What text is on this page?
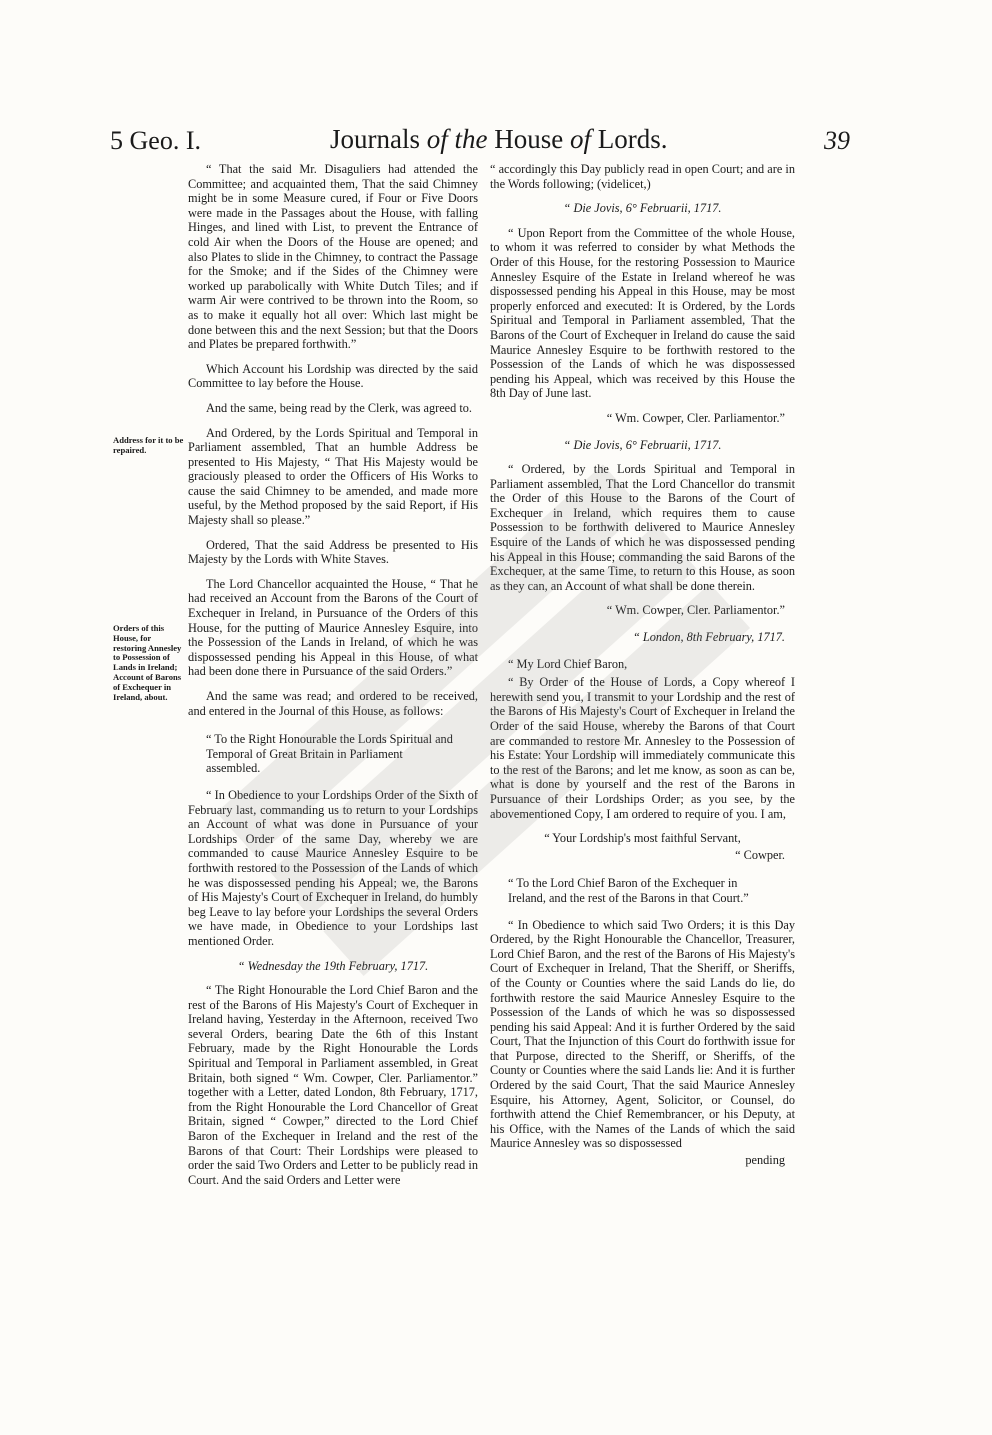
5 Geo. I.	Journals of the House of Lords.	39
Address for it to be repaired.
Orders of this House, for restoring Annesley to Possession of Lands in Ireland; Account of Barons of Exchequer in Ireland, about.

“ That the said Mr. Disaguliers had attended the Committee; and acquainted them, That the said Chimney might be in some Measure cured, if Four or Five Doors were made in the Passages about the House, with falling Hinges, and lined with List, to prevent the Entrance of cold Air when the Doors of the House are opened; and also Plates to slide in the Chimney, to contract the Passage for the Smoke; and if the Sides of the Chimney were worked up parabolically with White Dutch Tiles; and if warm Air were contrived to be thrown into the Room, so as to make it equally hot all over: Which last might be done between this and the next Session; but that the Doors and Plates be prepared forthwith.”

Which Account his Lordship was directed by the said Committee to lay before the House.

And the same, being read by the Clerk, was agreed to.

And Ordered, by the Lords Spiritual and Temporal in Parliament assembled, That an humble Address be presented to His Majesty, “ That His Majesty would be graciously pleased to order the Officers of His Works to cause the said Chimney to be amended, and made more useful, by the Method proposed by the said Report, if His Majesty shall so please.”

Ordered, That the said Address be presented to His Majesty by the Lords with White Staves.

The Lord Chancellor acquainted the House, “ That he had received an Account from the Barons of the Court of Exchequer in Ireland, in Pursuance of the Orders of this House, for the putting of Maurice Annesley Esquire, into the Possession of the Lands in Ireland, of which he was dispossessed pending his Appeal in this House, of what had been done there in Pursuance of the said Orders.”

And the same was read; and ordered to be received, and entered in the Journal of this House, as follows:

“ To the Right Honourable the Lords Spiritual and Temporal of Great Britain in Parliament assembled.

“ In Obedience to your Lordships Order of the Sixth of February last, commanding us to return to your Lordships an Account of what was done in Pursuance of your Lordships Order of the same Day, whereby we are commanded to cause Maurice Annesley Esquire to be forthwith restored to the Possession of the Lands of which he was dispossessed pending his Appeal; we, the Barons of His Majesty's Court of Exchequer in Ireland, do humbly beg Leave to lay before your Lordships the several Orders we have made, in Obedience to your Lordships last mentioned Order.

“ Wednesday the 19th February, 1717.

“ The Right Honourable the Lord Chief Baron and the rest of the Barons of His Majesty's Court of Exchequer in Ireland having, Yesterday in the Afternoon, received Two several Orders, bearing Date the 6th of this Instant February, made by the Right Honourable the Lords Spiritual and Temporal in Parliament assembled, in Great Britain, both signed “ Wm. Cowper, Cler. Parliamentor.” together with a Letter, dated London, 8th February, 1717, from the Right Honourable the Lord Chancellor of Great Britain, signed “ Cowper,” directed to the Lord Chief Baron of the Exchequer in Ireland and the rest of the Barons of that Court: Their Lordships were pleased to order the said Two Orders and Letter to be publicly read in Court. And the said Orders and Letter were

“ accordingly this Day publicly read in open Court; and are in the Words following; (videlicet,)

“ Die Jovis, 6° Februarii, 1717.

“ Upon Report from the Committee of the whole House, to whom it was referred to consider by what Methods the Order of this House, for the restoring Possession to Maurice Annesley Esquire of the Estate in Ireland whereof he was dispossessed pending his Appeal in this House, may be most properly enforced and executed: It is Ordered, by the Lords Spiritual and Temporal in Parliament assembled, That the Barons of the Court of Exchequer in Ireland do cause the said Maurice Annesley Esquire to be forthwith restored to the Possession of the Lands of which he was dispossessed pending his Appeal, which was received by this House the 8th Day of June last.

“ Wm. Cowper, Cler. Parliamentor.”

“ Die Jovis, 6° Februarii, 1717.

“ Ordered, by the Lords Spiritual and Temporal in Parliament assembled, That the Lord Chancellor do transmit the Order of this House to the Barons of the Court of Exchequer in Ireland, which requires them to cause Possession to be forthwith delivered to Maurice Annesley Esquire of the Lands of which he was dispossessed pending his Appeal in this House; commanding the said Barons of the Exchequer, at the same Time, to return to this House, as soon as they can, an Account of what shall be done therein.

“ Wm. Cowper, Cler. Parliamentor.”

“ London, 8th February, 1717.

“ My Lord Chief Baron,

“ By Order of the House of Lords, a Copy whereof I herewith send you, I transmit to your Lordship and the rest of the Barons of His Majesty's Court of Exchequer in Ireland the Order of the said House, whereby the Barons of that Court are commanded to restore Mr. Annesley to the Possession of his Estate: Your Lordship will immediately communicate this to the rest of the Barons; and let me know, as soon as can be, what is done by yourself and the rest of the Barons in Pursuance of their Lordships Order; as you see, by the abovementioned Copy, I am ordered to require of you. I am,

“ Your Lordship's most faithful Servant,

“ Cowper.

“ To the Lord Chief Baron of the Exchequer in Ireland, and the rest of the Barons in that Court.”

“ In Obedience to which said Two Orders; it is this Day Ordered, by the Right Honourable the Chancellor, Treasurer, Lord Chief Baron, and the rest of the Barons of His Majesty's Court of Exchequer in Ireland, That the Sheriff, or Sheriffs, of the County or Counties where the said Lands do lie, do forthwith restore the said Maurice Annesley Esquire to the Possession of the Lands of which he was so dispossessed pending his said Appeal: And it is further Ordered by the said Court, That the Injunction of this Court do forthwith issue for that Purpose, directed to the Sheriff, or Sheriffs, of the County or Counties where the said Lands lie: And it is further Ordered by the said Court, That the said Maurice Annesley Esquire, his Attorney, Agent, Solicitor, or Counsel, do forthwith attend the Chief Remembrancer, or his Deputy, at his Office, with the Names of the Lands of which the said Maurice Annesley was so dispossessed

pending
